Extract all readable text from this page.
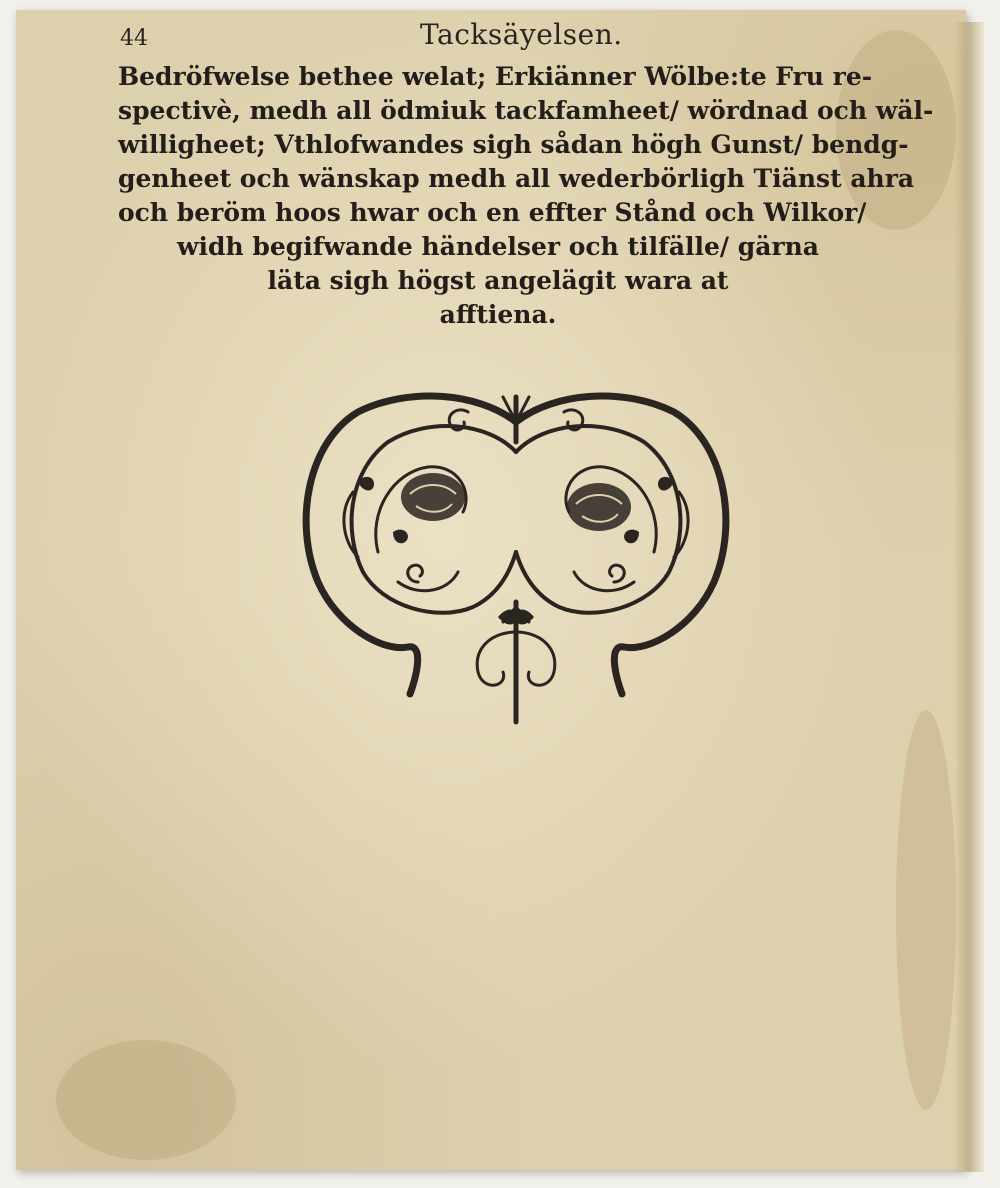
44	Tacksäyelsen.
Bedröfwelse bethee welat; Erkiänner Wölbe:te Fru re-
spectivè, medh all ödmiuk tackfamheet/ wördnad och wäl-
willigheet; Vthlofwandes sigh sådan högh Gunst/ bendg-
genheet och wänskap medh all wederbörligh Tiänst ahra
och beröm hoos hwar och en effter Stånd och Wilkor/
widh begifwande händelser och tilfälle/ gärna
läta sigh högst angelägit wara at
afftiena.
